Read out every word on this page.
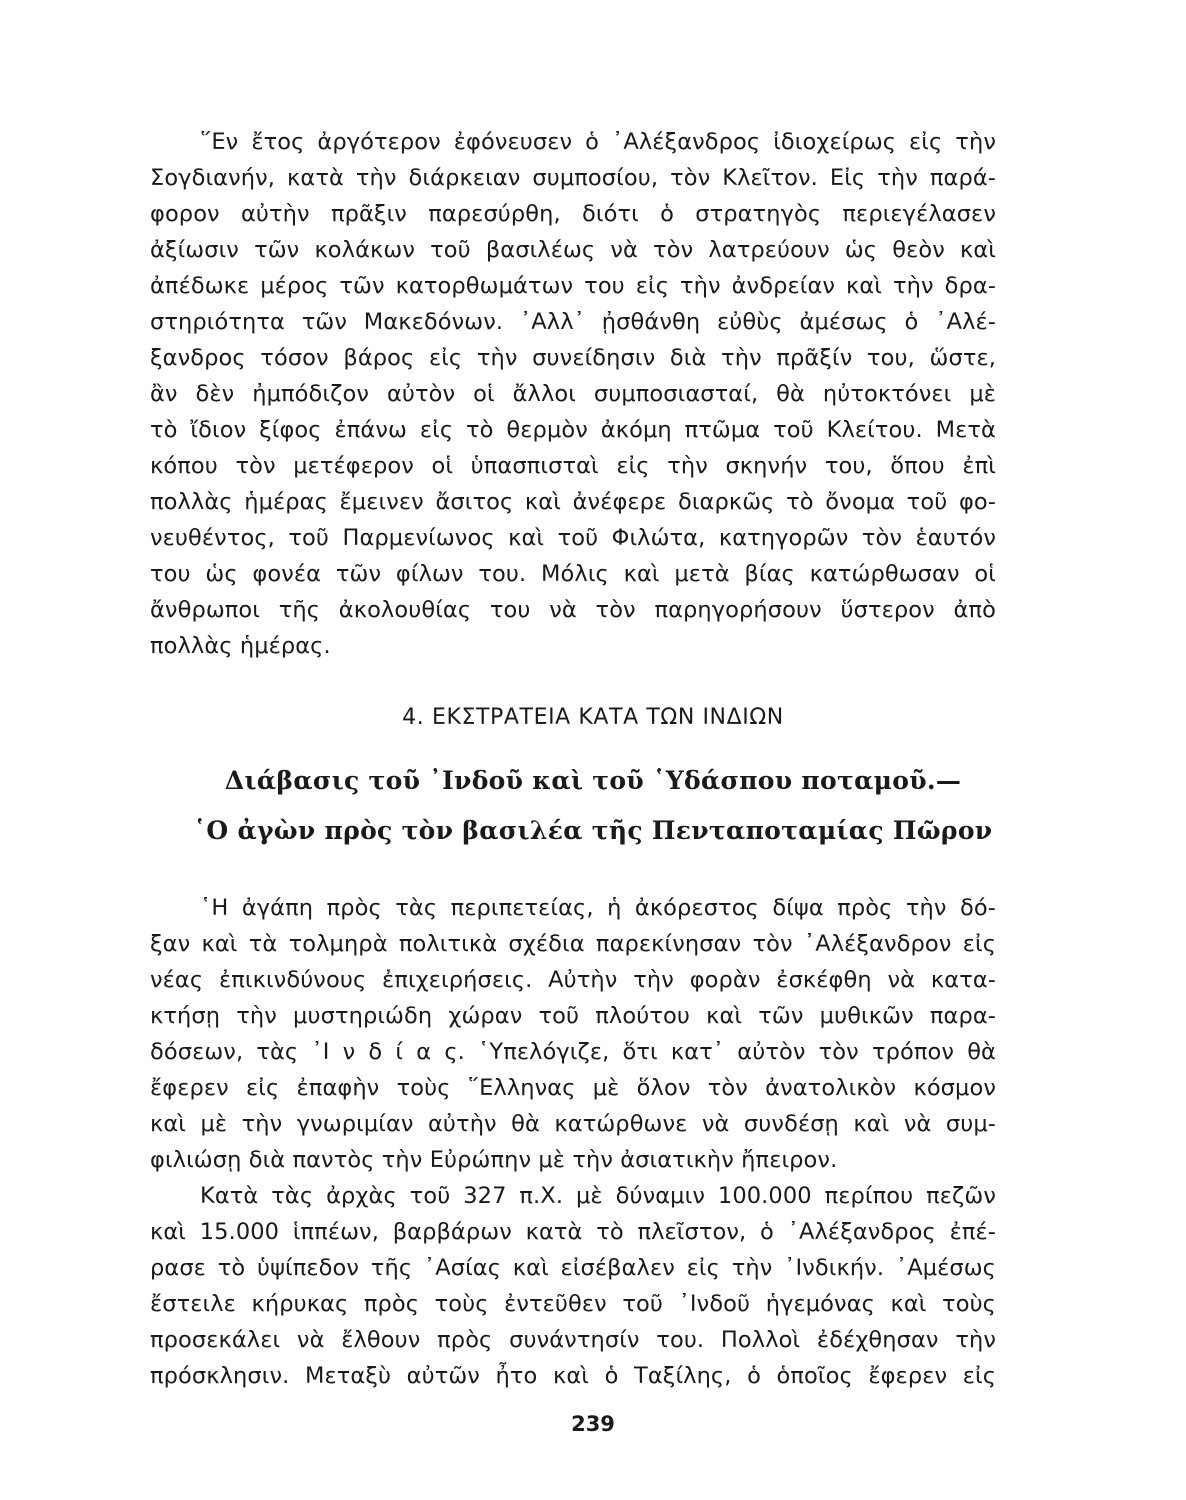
῞Εν ἔτος ἀργότερον ἐφόνευσεν ὁ ᾿Αλέξανδρος ἰδιοχείρως εἰς τὴν
Σογδιανήν, κατὰ τὴν διάρκειαν συμποσίου, τὸν Κλεῖτον. Εἰς τὴν παρά-
φορον αὐτὴν πρᾶξιν παρεσύρθη, διότι ὁ στρατηγὸς περιεγέλασεν
ἀξίωσιν τῶν κολάκων τοῦ βασιλέως νὰ τὸν λατρεύουν ὡς θεὸν καὶ
ἀπέδωκε μέρος τῶν κατορθωμάτων του εἰς τὴν ἀνδρείαν καὶ τὴν δρα-
στηριότητα τῶν Μακεδόνων. ᾿Αλλ᾿ ᾐσθάνθη εὐθὺς ἀμέσως ὁ ᾿Αλέ-
ξανδρος τόσον βάρος εἰς τὴν συνείδησιν διὰ τὴν πρᾶξίν του, ὥστε,
ἂν δὲν ἠμπόδιζον αὐτὸν οἱ ἄλλοι συμποσιασταί, θὰ ηὐτοκτόνει μὲ
τὸ ἴδιον ξίφος ἐπάνω εἰς τὸ θερμὸν ἀκόμη πτῶμα τοῦ Κλείτου. Μετὰ
κόπου τὸν μετέφερον οἱ ὑπασπισταὶ εἰς τὴν σκηνήν του, ὅπου ἐπὶ
πολλὰς ἡμέρας ἔμεινεν ἄσιτος καὶ ἀνέφερε διαρκῶς τὸ ὄνομα τοῦ φο-
νευθέντος, τοῦ Παρμενίωνος καὶ τοῦ Φιλώτα, κατηγορῶν τὸν ἑαυτόν
του ὡς φονέα τῶν φίλων του. Μόλις καὶ μετὰ βίας κατώρθωσαν οἱ
ἄνθρωποι τῆς ἀκολουθίας του νὰ τὸν παρηγορήσουν ὕστερον ἀπὸ
πολλὰς ἡμέρας.
4. ΕΚΣΤΡΑΤΕΙΑ ΚΑΤΑ ΤΩΝ ΙΝΔΙΩΝ
Διάβασις τοῦ ᾿Ινδοῦ καὶ τοῦ ῾Υδάσπου ποταμοῦ.—
῾Ο ἀγὼν πρὸς τὸν βασιλέα τῆς Πενταποταμίας Πῶρον
῾Η ἀγάπη πρὸς τὰς περιπετείας, ἡ ἀκόρεστος δίψα πρὸς τὴν δό-
ξαν καὶ τὰ τολμηρὰ πολιτικὰ σχέδια παρεκίνησαν τὸν ᾿Αλέξανδρον εἰς
νέας ἐπικινδύνους ἐπιχειρήσεις. Αὐτὴν τὴν φορὰν ἐσκέφθη νὰ κατα-
κτήσῃ τὴν μυστηριώδη χώραν τοῦ πλούτου καὶ τῶν μυθικῶν παρα-
δόσεων, τὰς ᾿Ι ν δ ί α ς. ῾Υπελόγιζε, ὅτι κατ᾿ αὐτὸν τὸν τρόπον θὰ
ἔφερεν εἰς ἐπαφὴν τοὺς ῞Ελληνας μὲ ὅλον τὸν ἀνατολικὸν κόσμον
καὶ μὲ τὴν γνωριμίαν αὐτὴν θὰ κατώρθωνε νὰ συνδέσῃ καὶ νὰ συμ-
φιλιώσῃ διὰ παντὸς τὴν Εὐρώπην μὲ τὴν ἀσιατικὴν ἤπειρον.
Κατὰ τὰς ἀρχὰς τοῦ 327 π.Χ. μὲ δύναμιν 100.000 περίπου πεζῶν
καὶ 15.000 ἱππέων, βαρβάρων κατὰ τὸ πλεῖστον, ὁ ᾿Αλέξανδρος ἐπέ-
ρασε τὸ ὑψίπεδον τῆς ᾿Ασίας καὶ εἰσέβαλεν εἰς τὴν ᾿Ινδικήν. ᾿Αμέσως
ἔστειλε κήρυκας πρὸς τοὺς ἐντεῦθεν τοῦ ᾿Ινδοῦ ἡγεμόνας καὶ τοὺς
προσεκάλει νὰ ἔλθουν πρὸς συνάντησίν του. Πολλοὶ ἐδέχθησαν τὴν
πρόσκλησιν. Μεταξὺ αὐτῶν ἦτο καὶ ὁ Ταξίλης, ὁ ὁποῖος ἔφερεν εἰς
239
